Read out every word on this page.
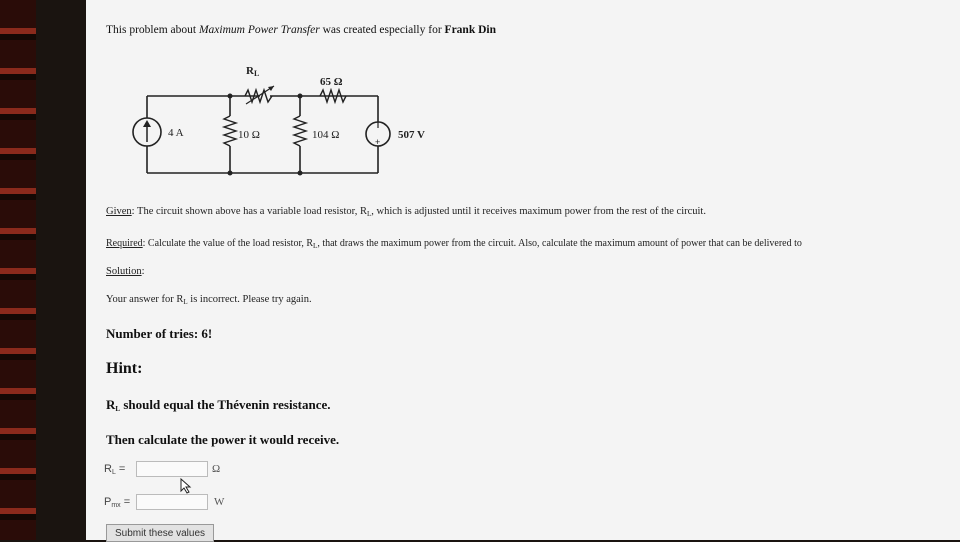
This problem about Maximum Power Transfer was created especially for Frank Din
+
RL
65 Ω
4 A	10 Ω	104 Ω	507 V
Given: The circuit shown above has a variable load resistor, $R_L$, which is adjusted until it receives maximum power from the rest of the circuit.
Required: Calculate the value of the load resistor, $R_L$, that draws the maximum power from the circuit. Also, calculate the maximum amount of power that can be delivered to
Solution:
Your answer for $R_L$ is incorrect. Please try again.
Number of tries: 6!
Hint:
$R_L$ should equal the Thévenin resistance.
Then calculate the power it would receive.
$R_L$ =	Ω
$P_{mx}$ =	W
Submit these values
